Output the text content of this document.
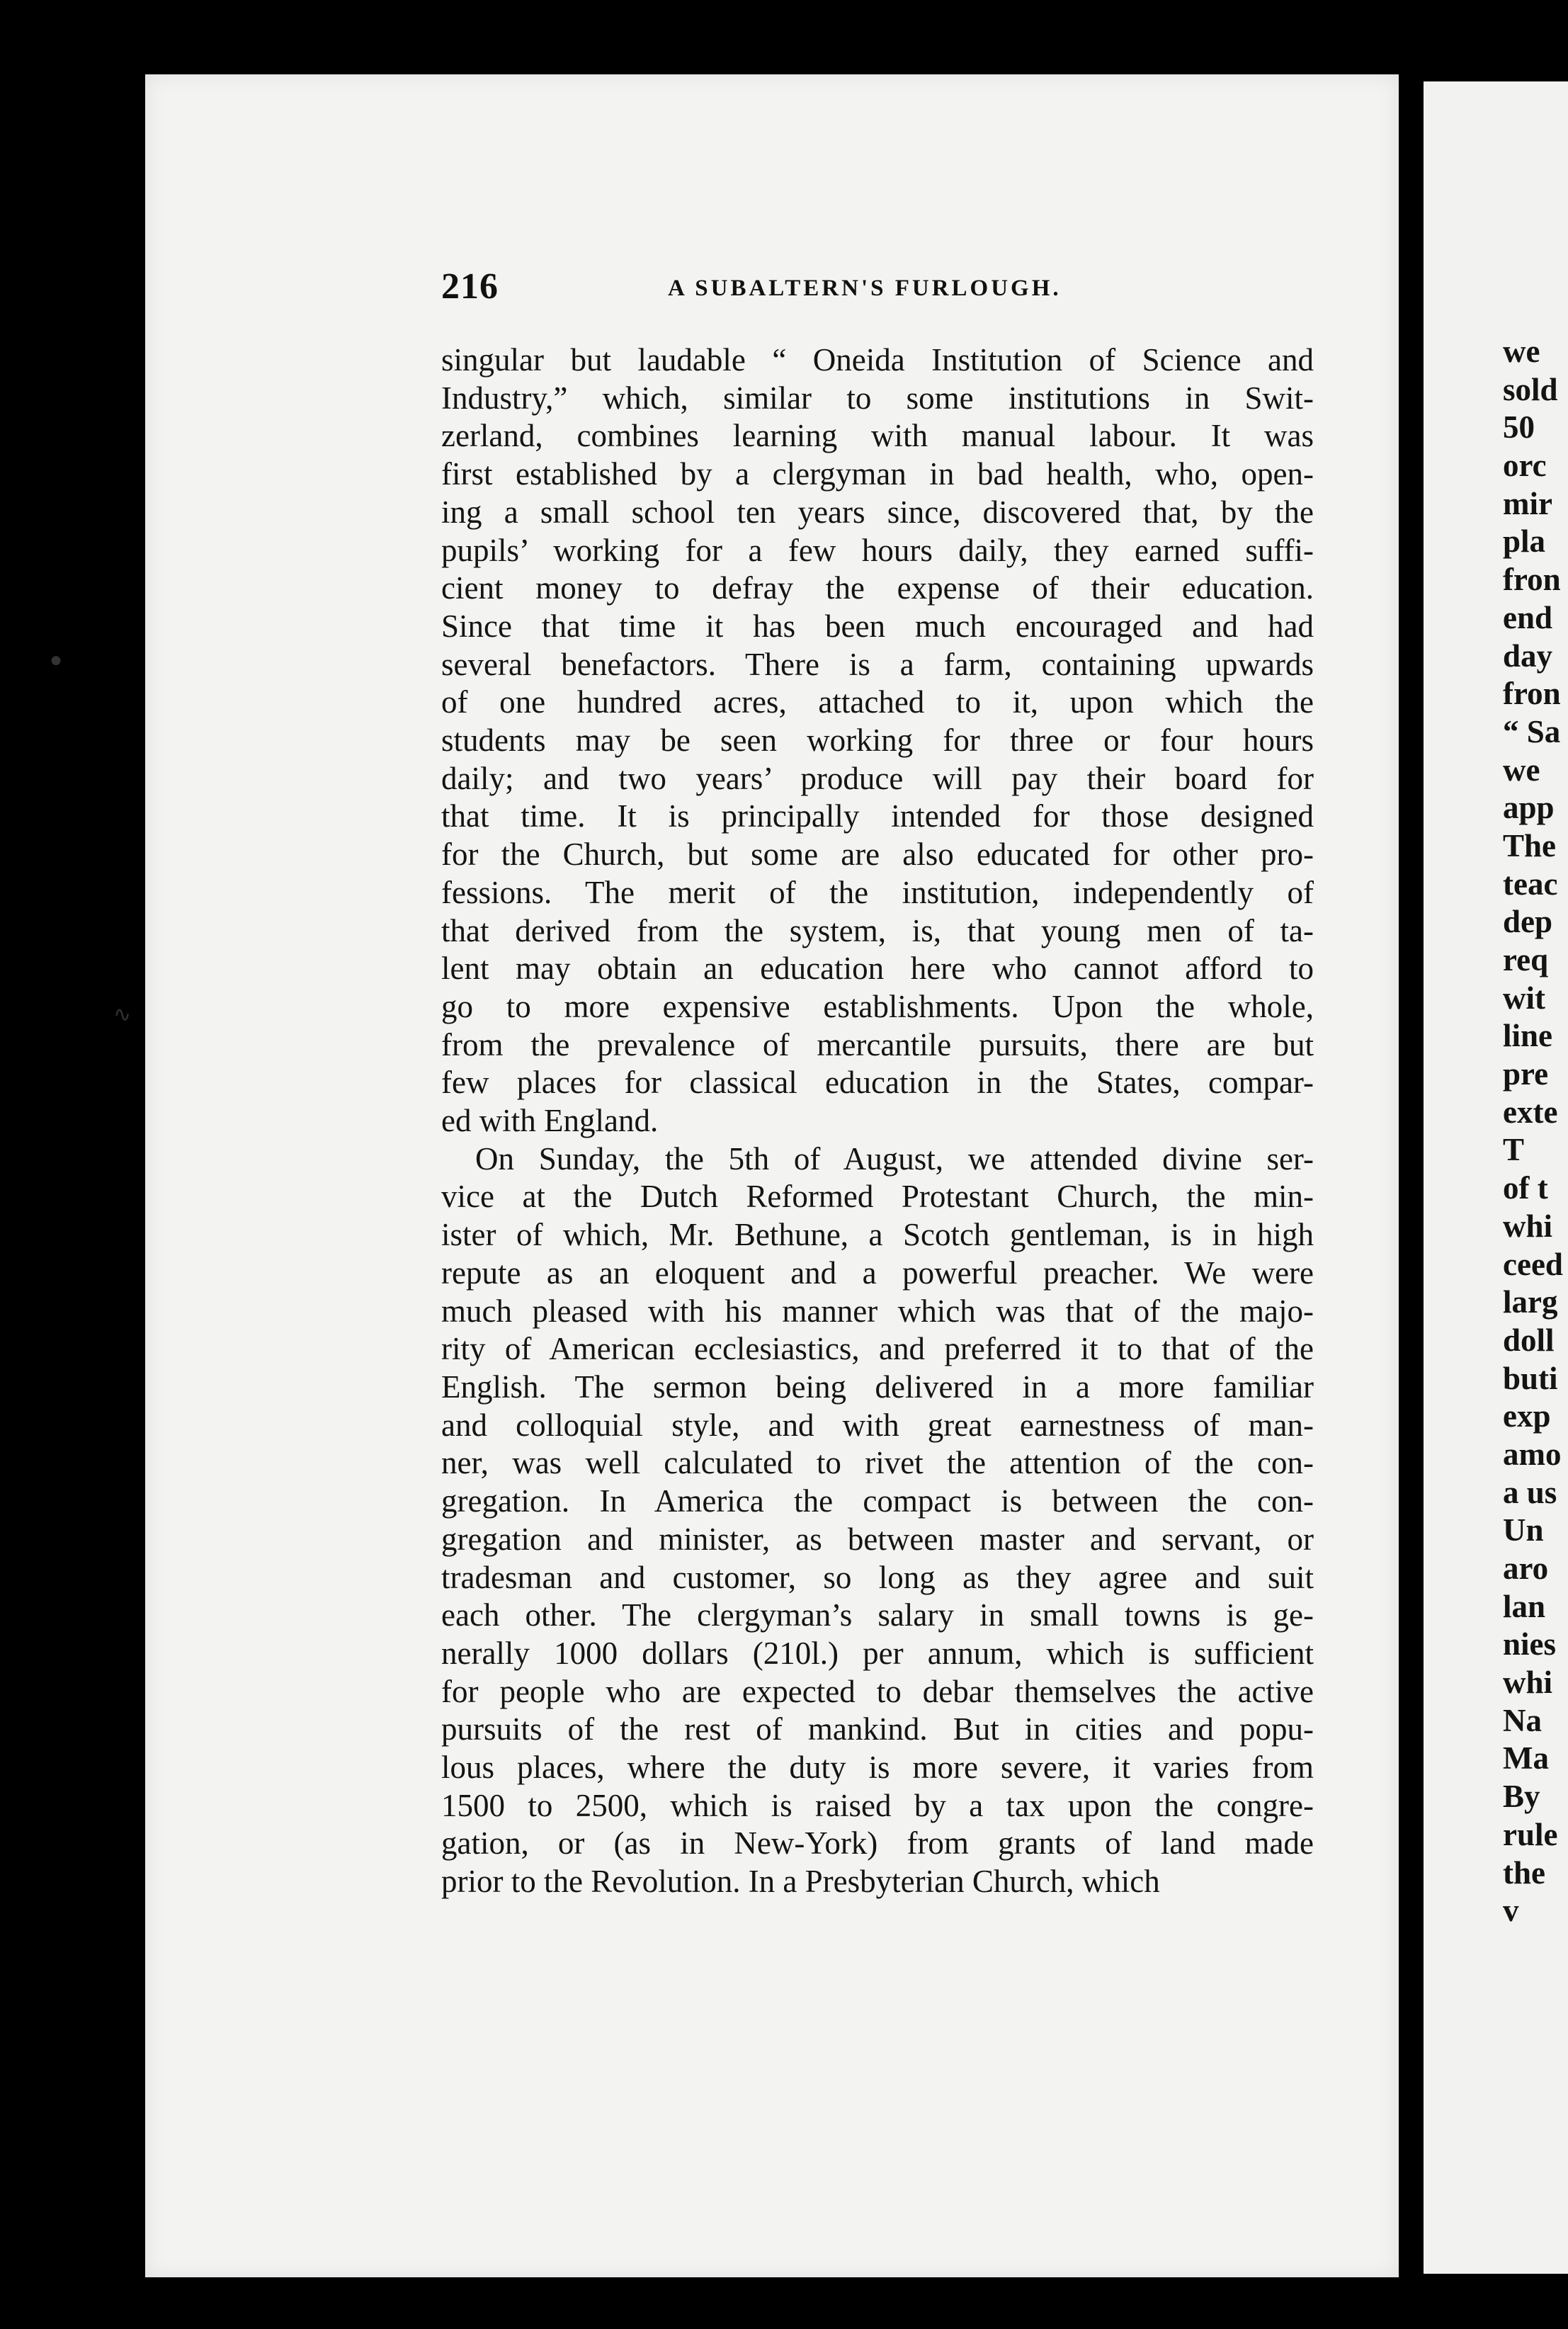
216	A SUBALTERN'S FURLOUGH.

singular but laudable “ Oneida Institution of Science and
Industry,” which, similar to some institutions in Swit-
zerland, combines learning with manual labour. It was
first established by a clergyman in bad health, who, open-
ing a small school ten years since, discovered that, by the
pupils’ working for a few hours daily, they earned suffi-
cient money to defray the expense of their education.
Since that time it has been much encouraged and had
several benefactors. There is a farm, containing upwards
of one hundred acres, attached to it, upon which the
students may be seen working for three or four hours
daily; and two years’ produce will pay their board for
that time. It is principally intended for those designed
for the Church, but some are also educated for other pro-
fessions. The merit of the institution, independently of
that derived from the system, is, that young men of ta-
lent may obtain an education here who cannot afford to
go to more expensive establishments. Upon the whole,
from the prevalence of mercantile pursuits, there are but
few places for classical education in the States, compar-
ed with England.

On Sunday, the 5th of August, we attended divine ser-
vice at the Dutch Reformed Protestant Church, the min-
ister of which, Mr. Bethune, a Scotch gentleman, is in high
repute as an eloquent and a powerful preacher. We were
much pleased with his manner which was that of the majo-
rity of American ecclesiastics, and preferred it to that of the
English. The sermon being delivered in a more familiar
and colloquial style, and with great earnestness of man-
ner, was well calculated to rivet the attention of the con-
gregation. In America the compact is between the con-
gregation and minister, as between master and servant, or
tradesman and customer, so long as they agree and suit
each other. The clergyman’s salary in small towns is ge-
nerally 1000 dollars (210l.) per annum, which is sufficient
for people who are expected to debar themselves the active
pursuits of the rest of mankind. But in cities and popu-
lous places, where the duty is more severe, it varies from
1500 to 2500, which is raised by a tax upon the congre-
gation, or (as in New-York) from grants of land made
prior to the Revolution. In a Presbyterian Church, which

we
sold
50
orc
mir
pla
fron
end
day
fron
“ Sa
we
app
The
teac
dep
req
wit
line
pre
exte
T
of t
whi
ceed
larg
doll
buti
exp
amo
a us
Un
aro
lan
nies
whi
Na
Ma
By
rule
the
v
●
∿
